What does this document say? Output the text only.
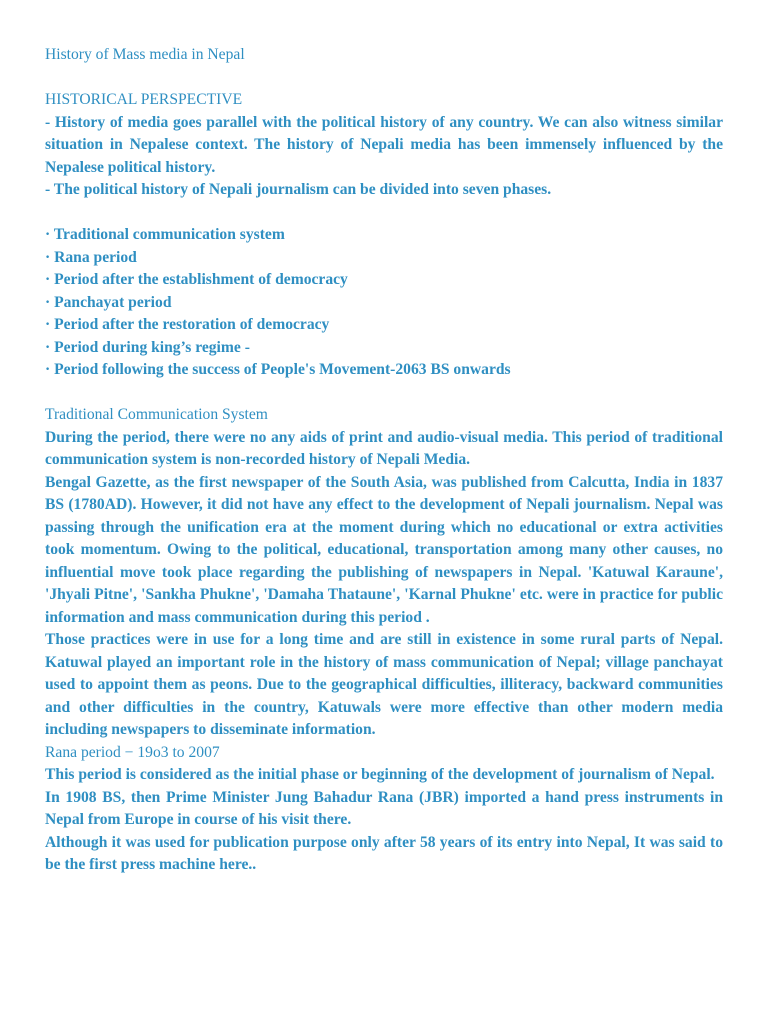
History of Mass media in Nepal
HISTORICAL PERSPECTIVE
- History of media goes parallel with the political history of any country. We can also witness similar situation in Nepalese context. The history of Nepali media has been immensely influenced by the Nepalese political history.
- The political history of Nepali journalism can be divided into seven phases.
· Traditional communication system
· Rana period
· Period after the establishment of democracy
· Panchayat period
· Period after the restoration of democracy
· Period during king’s regime -
· Period following the success of People's Movement-2063 BS onwards
Traditional Communication System
During the period, there were no any aids of print and audio-visual media. This period of traditional communication system is non-recorded history of Nepali Media.
Bengal Gazette, as the first newspaper of the South Asia, was published from Calcutta, India in 1837 BS (1780AD). However, it did not have any effect to the development of Nepali journalism. Nepal was passing through the unification era at the moment during which no educational or extra activities took momentum. Owing to the political, educational, transportation among many other causes, no influential move took place regarding the publishing of newspapers in Nepal. 'Katuwal Karaune', 'Jhyali Pitne', 'Sankha Phukne', 'Damaha Thataune', 'Karnal Phukne' etc. were in practice for public information and mass communication during this period .
Those practices were in use for a long time and are still in existence in some rural parts of Nepal. Katuwal played an important role in the history of mass communication of Nepal; village panchayat used to appoint them as peons. Due to the geographical difficulties, illiteracy, backward communities and other difficulties in the country, Katuwals were more effective than other modern media including newspapers to disseminate information.
Rana period − 19o3 to 2007
This period is considered as the initial phase or beginning of the development of journalism of Nepal.
In 1908 BS, then Prime Minister Jung Bahadur Rana (JBR) imported a hand press instruments in Nepal from Europe in course of his visit there.
Although it was used for publication purpose only after 58 years of its entry into Nepal, It was said to be the first press machine here..
